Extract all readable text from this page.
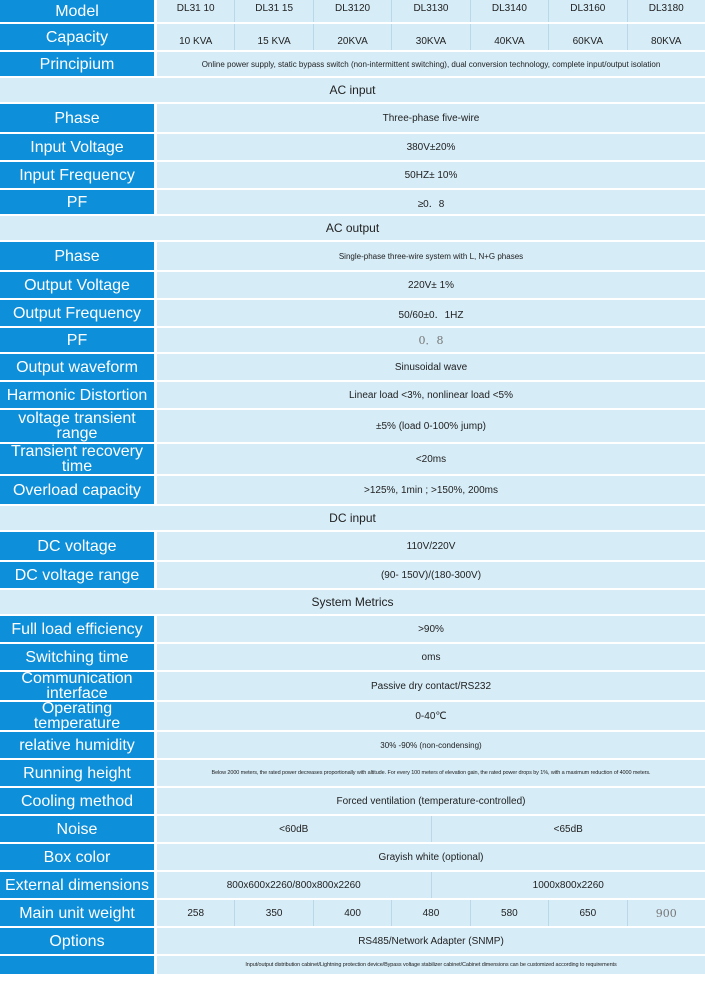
Model	DL31 10	DL31 15	DL3120	DL3130	DL3140	DL3160	DL3180
Capacity	10 KVA	15 KVA	20KVA	30KVA	40KVA	60KVA	80KVA
Principium	Online power supply, static bypass switch (non-intermittent switching), dual conversion technology, complete input/output isolation
AC input
Phase	Three-phase five-wire
Input Voltage	380V±20%
Input Frequency	50HZ± 10%
PF	≥0．8
AC output
Phase	Single-phase three-wire system with L, N+G phases
Output Voltage	220V± 1%
Output Frequency	50/60±0．1HZ
PF	0．8
Output waveform	Sinusoidal wave
Harmonic Distortion	Linear load <3%, nonlinear load <5%
voltage transient range	±5% (load 0-100% jump)
Transient recovery time	<20ms
Overload capacity	>125%, 1min ; >150%, 200ms
DC input
DC voltage	110V/220V
DC voltage range	(90- 150V)/(180-300V)
System Metrics
Full load efficiency	>90%
Switching time	oms
Communication interface	Passive dry contact/RS232
Operating temperature	0-40℃
relative humidity	30% -90% (non-condensing)
Running height	Below 2000 meters, the rated power decreases proportionally with altitude. For every 100 meters of elevation gain, the rated power drops by 1%, with a maximum reduction of 4000 meters.
Cooling method	Forced ventilation (temperature-controlled)
Noise	<60dB	<65dB
Box color	Grayish white (optional)
External dimensions	800x600x2260/800x800x2260	1000x800x2260
Main unit weight	258	350	400	480	580	650	900
Options	RS485/Network Adapter (SNMP)
Input/output distribution cabinet/Lightning protection device/Bypass voltage stabilizer cabinet/Cabinet dimensions can be customized according to requirements
